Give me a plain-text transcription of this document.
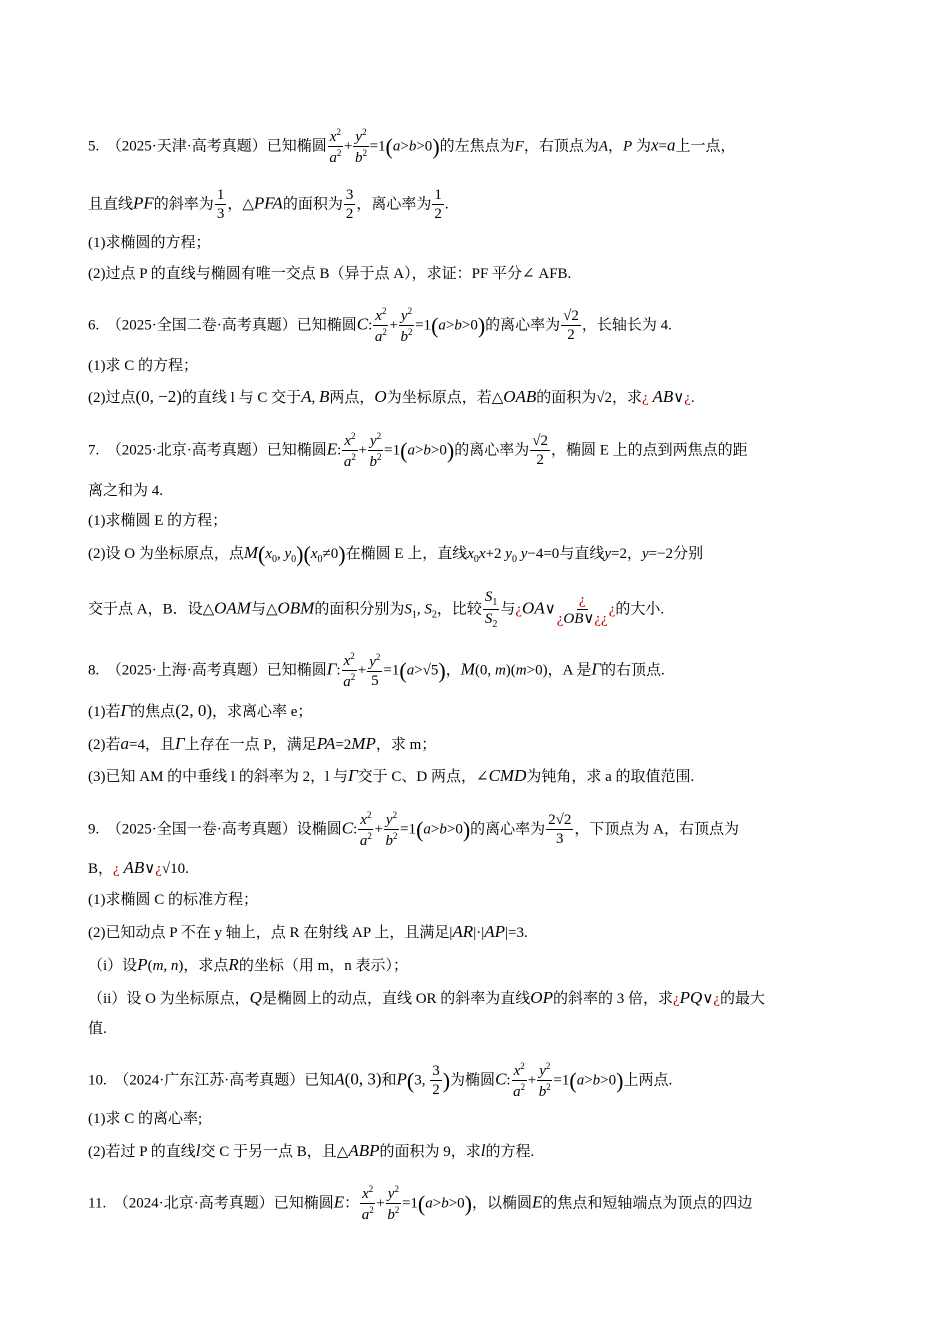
5. （2025·天津·高考真题）已知椭圆 $\frac{x^2}{a^2} + \frac{y^2}{b^2} =1(a>b>0)$的左焦点为F，右顶点为A，P 为x=a上一点，
且直线PF的斜率为 $\frac{1}{3}$ ，△PFA的面积为 $\frac{3}{2}$ ，离心率为 $\frac{1}{2}$ .
(1)求椭圆的方程；
(2)过点 P 的直线与椭圆有唯一交点 B（异于点 A），求证：PF 平分∠ AFB.
6. （2025·全国二卷·高考真题）已知椭圆C: $\frac{x^2}{a^2} + \frac{y^2}{b^2} =1(a>b>0)$的离心率为 $\frac{√2}{2}$ ，长轴长为 4.
(1)求 C 的方程；
(2)过点(0, −2)的直线 l 与 C 交于A, B两点，O为坐标原点，若△OAB的面积为√2，求¿ AB∨¿.
7. （2025·北京·高考真题）已知椭圆E: $\frac{x^2}{a^2} + \frac{y^2}{b^2} =1(a>b>0)$的离心率为 $\frac{√2}{2}$ ，椭圆 E 上的点到两焦点的距
离之和为 4.
(1)求椭圆 E 的方程；
(2)设 O 为坐标原点，点$M(x_0$, $y_0)(x_0\ne 0)$在椭圆 E 上，直线$x_0x+2$ $y_0$ y−4=0与直线y=2，y=−2分别
交于点 A，B．设△OAM与△OBM的面积分别为$S_1$, $S_2$，比较 $\frac{S_1}{S_2}$ 与¿OA∨ $\frac{¿}{¿OB\vee¿¿}$ ¿的大小.
8. （2025·上海·高考真题）已知椭圆Γ: $\frac{x^2}{a^2} + \frac{y^2}{5} =1(a>√5)$，M(0, m)(m>0)，A 是Γ的右顶点.
(1)若Γ的焦点(2, 0)，求离心率 e；
(2)若a=4，且Γ上存在一点 P，满足PA=2MP，求 m；
(3)已知 AM 的中垂线 l 的斜率为 2，l 与Γ交于 C、D 两点，∠CMD为钝角，求 a 的取值范围.
9. （2025·全国一卷·高考真题）设椭圆C: $\frac{x^2}{a^2} + \frac{y^2}{b^2} =1(a>b>0)$的离心率为 $\frac{2√2}{3}$ ，下顶点为 A，右顶点为
B，¿ AB∨¿√10.
(1)求椭圆 C 的标准方程；
(2)已知动点 P 不在 y 轴上，点 R 在射线 AP 上，且满足|AR|·|AP|=3.
（i）设P(m, n)，求点R的坐标（用 m，n 表示）；
（ii）设 O 为坐标原点，Q是椭圆上的动点，直线 OR 的斜率为直线OP的斜率的 3 倍，求¿PQ∨¿的最大
值.
10. （2024·广东江苏·高考真题）已知A(0, 3)和P(3, $\frac{3}{2}$ )为椭圆C: $\frac{x^2}{a^2} + \frac{y^2}{b^2} =1(a>b>0)$上两点.
(1)求 C 的离心率;
(2)若过 P 的直线l交 C 于另一点 B，且△ABP的面积为 9，求l的方程.
11. （2024·北京·高考真题）已知椭圆E： $\frac{x^2}{a^2} + \frac{y^2}{b^2} =1(a>b>0)$，以椭圆E的焦点和短轴端点为顶点的四边
